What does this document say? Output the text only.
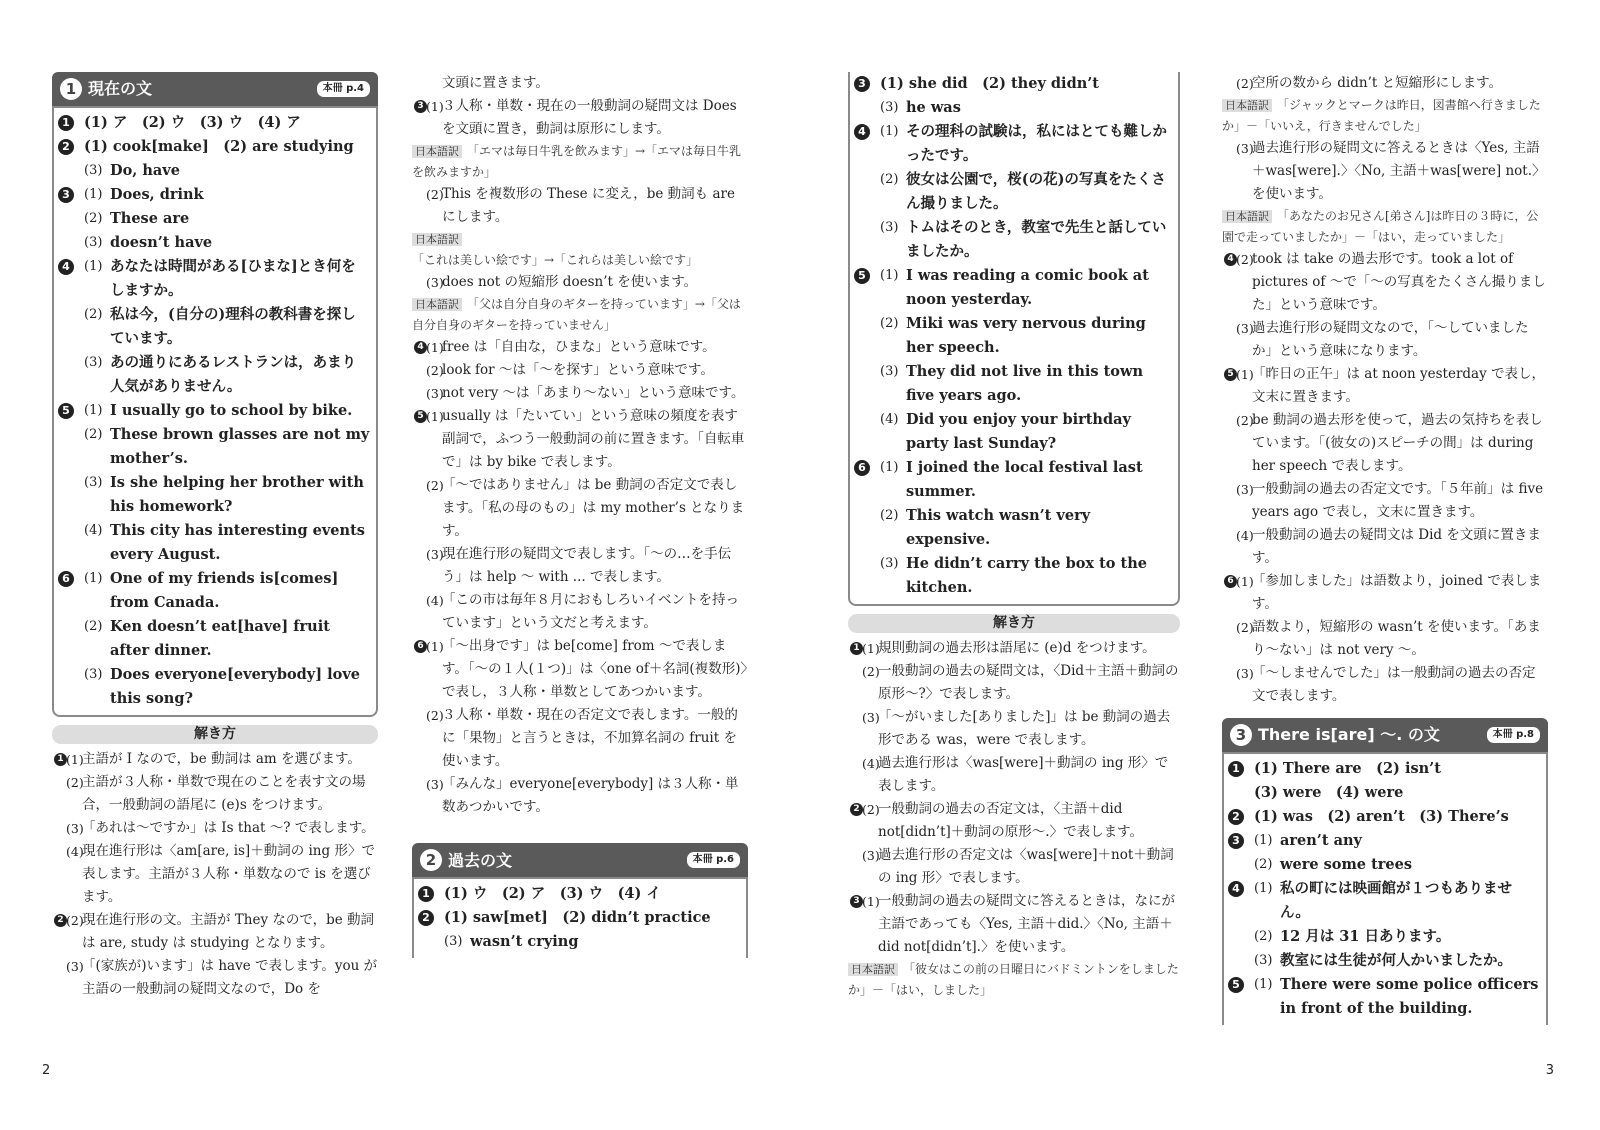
1 現在の文	本冊 p.4
1 (1) ア　(2) ウ　(3) ウ　(4) ア
2 (1) cook[make]　(2) are studying
(3) Do, have
3	(1) Does, drink
(2) These are
(3) doesn’t have
4	(1) あなたは時間がある[ひまな]とき何をしますか。
(2) 私は今，(自分の)理科の教科書を探しています。
(3) あの通りにあるレストランは，あまり人気がありません。
5	(1) I usually go to school by bike.
(2) These brown glasses are not my mother’s.
(3) Is she helping her brother with his homework?
(4) This city has interesting events every August.
6	(1) One of my friends is[comes] from Canada.
(2) Ken doesn’t eat[have] fruit after dinner.
(3) Does everyone[everybody] love this song?
解き方
1 (1)
主語が I なので，be 動詞は am を選びます。
(2)
主語が３人称・単数で現在のことを表す文の場合，一般動詞の語尾に (e)s をつけます。
(3)
「あれは～ですか」は Is that ～? で表します。
(4)
現在進行形は〈am[are, is]＋動詞の ing 形〉で表します。主語が３人称・単数なので is を選びます。
2 (2)
現在進行形の文。主語が They なので，be 動詞は are, study は studying となります。
(3)
「(家族が)います」は have で表します。you が主語の一般動詞の疑問文なので，Do を
文頭に置きます。
3 (1)
３人称・単数・現在の一般動詞の疑問文は Does を文頭に置き，動詞は原形にします。
日本語訳 「エマは毎日牛乳を飲みます」→「エマは毎日牛乳を飲みますか」
(2)
This を複数形の These に変え，be 動詞も are にします。
日本語訳「これは美しい絵です」→「これらは美しい絵です」
(3)
does not の短縮形 doesn’t を使います。
日本語訳 「父は自分自身のギターを持っています」→「父は自分自身のギターを持っていません」
4 (1)
free は「自由な，ひまな」という意味です。
(2)
look for ～は「～を探す」という意味です。
(3)
not very ～は「あまり～ない」という意味です。
5 (1)
usually は「たいてい」という意味の頻度を表す副詞で，ふつう一般動詞の前に置きます。「自転車で」は by bike で表します。
(2)
「～ではありません」は be 動詞の否定文で表します。「私の母のもの」は my mother’s となります。
(3)
現在進行形の疑問文で表します。「～の…を手伝う」は help ～ with ... で表します。
(4)
「この市は毎年８月におもしろいイベントを持っています」という文だと考えます。
6 (1)
「～出身です」は be[come] from ～で表します。「～の１人(１つ)」は〈one of＋名詞(複数形)〉で表し，３人称・単数としてあつかいます。
(2)
３人称・単数・現在の否定文で表します。一般的に「果物」と言うときは，不加算名詞の fruit を使います。
(3)
「みんな」everyone[everybody] は３人称・単数あつかいです。
2 過去の文	本冊 p.6
1 (1) ウ　(2) ア　(3) ウ　(4) イ
2 (1) saw[met]　(2) didn’t practice
(3) wasn’t crying
3 (1) she did　(2) they didn’t
(3) he was
4	(1) その理科の試験は，私にはとても難しかったです。
(2) 彼女は公園で，桜(の花)の写真をたくさん撮りました。
(3) トムはそのとき，教室で先生と話していましたか。
5	(1) I was reading a comic book at noon yesterday.
(2) Miki was very nervous during her speech.
(3) They did not live in this town five years ago.
(4) Did you enjoy your birthday party last Sunday?
6	(1) I joined the local festival last summer.
(2) This watch wasn’t very expensive.
(3) He didn’t carry the box to the kitchen.
解き方
1 (1)
規則動詞の過去形は語尾に (e)d をつけます。
(2)
一般動詞の過去の疑問文は，〈Did＋主語＋動詞の原形～?〉で表します。
(3)
「～がいました[ありました]」は be 動詞の過去形である was，were で表します。
(4)
過去進行形は〈was[were]＋動詞の ing 形〉で表します。
2 (2)
一般動詞の過去の否定文は，〈主語＋did not[didn’t]＋動詞の原形～.〉で表します。
(3)
過去進行形の否定文は〈was[were]＋not＋動詞の ing 形〉で表します。
3 (1)
一般動詞の過去の疑問文に答えるときは，なにが主語であっても〈Yes, 主語＋did.〉〈No, 主語＋did not[didn’t].〉を使います。
日本語訳 「彼女はこの前の日曜日にバドミントンをしましたか」－「はい，しました」
(2)
空所の数から didn’t と短縮形にします。
日本語訳 「ジャックとマークは昨日，図書館へ行きましたか」－「いいえ，行きませんでした」
(3)
過去進行形の疑問文に答えるときは〈Yes, 主語＋was[were].〉〈No, 主語＋was[were] not.〉を使います。
日本語訳 「あなたのお兄さん[弟さん]は昨日の３時に，公園で走っていましたか」－「はい，走っていました」
4 (2)
took は take の過去形です。took a lot of pictures of ～で「～の写真をたくさん撮りました」という意味です。
(3)
過去進行形の疑問文なので，「～していましたか」という意味になります。
5 (1)
「昨日の正午」は at noon yesterday で表し，文末に置きます。
(2)
be 動詞の過去形を使って，過去の気持ちを表しています。「(彼女の)スピーチの間」は during her speech で表します。
(3)
一般動詞の過去の否定文です。「５年前」は five years ago で表し，文末に置きます。
(4)
一般動詞の過去の疑問文は Did を文頭に置きます。
6 (1)
「参加しました」は語数より，joined で表します。
(2)
語数より，短縮形の wasn’t を使います。「あまり～ない」は not very ～。
(3)
「～しませんでした」は一般動詞の過去の否定文で表します。
3 There is[are] ～. の文	本冊 p.8
1 (1) There are　(2) isn’t
(3) were　(4) were
2 (1) was　(2) aren’t　(3) There’s
3	(1) aren’t any
(2) were some trees
4	(1) 私の町には映画館が１つもありません。
(2) 12 月は 31 日あります。
(3) 教室には生徒が何人かいましたか。
5	(1) There were some police officers in front of the building.
2	3
